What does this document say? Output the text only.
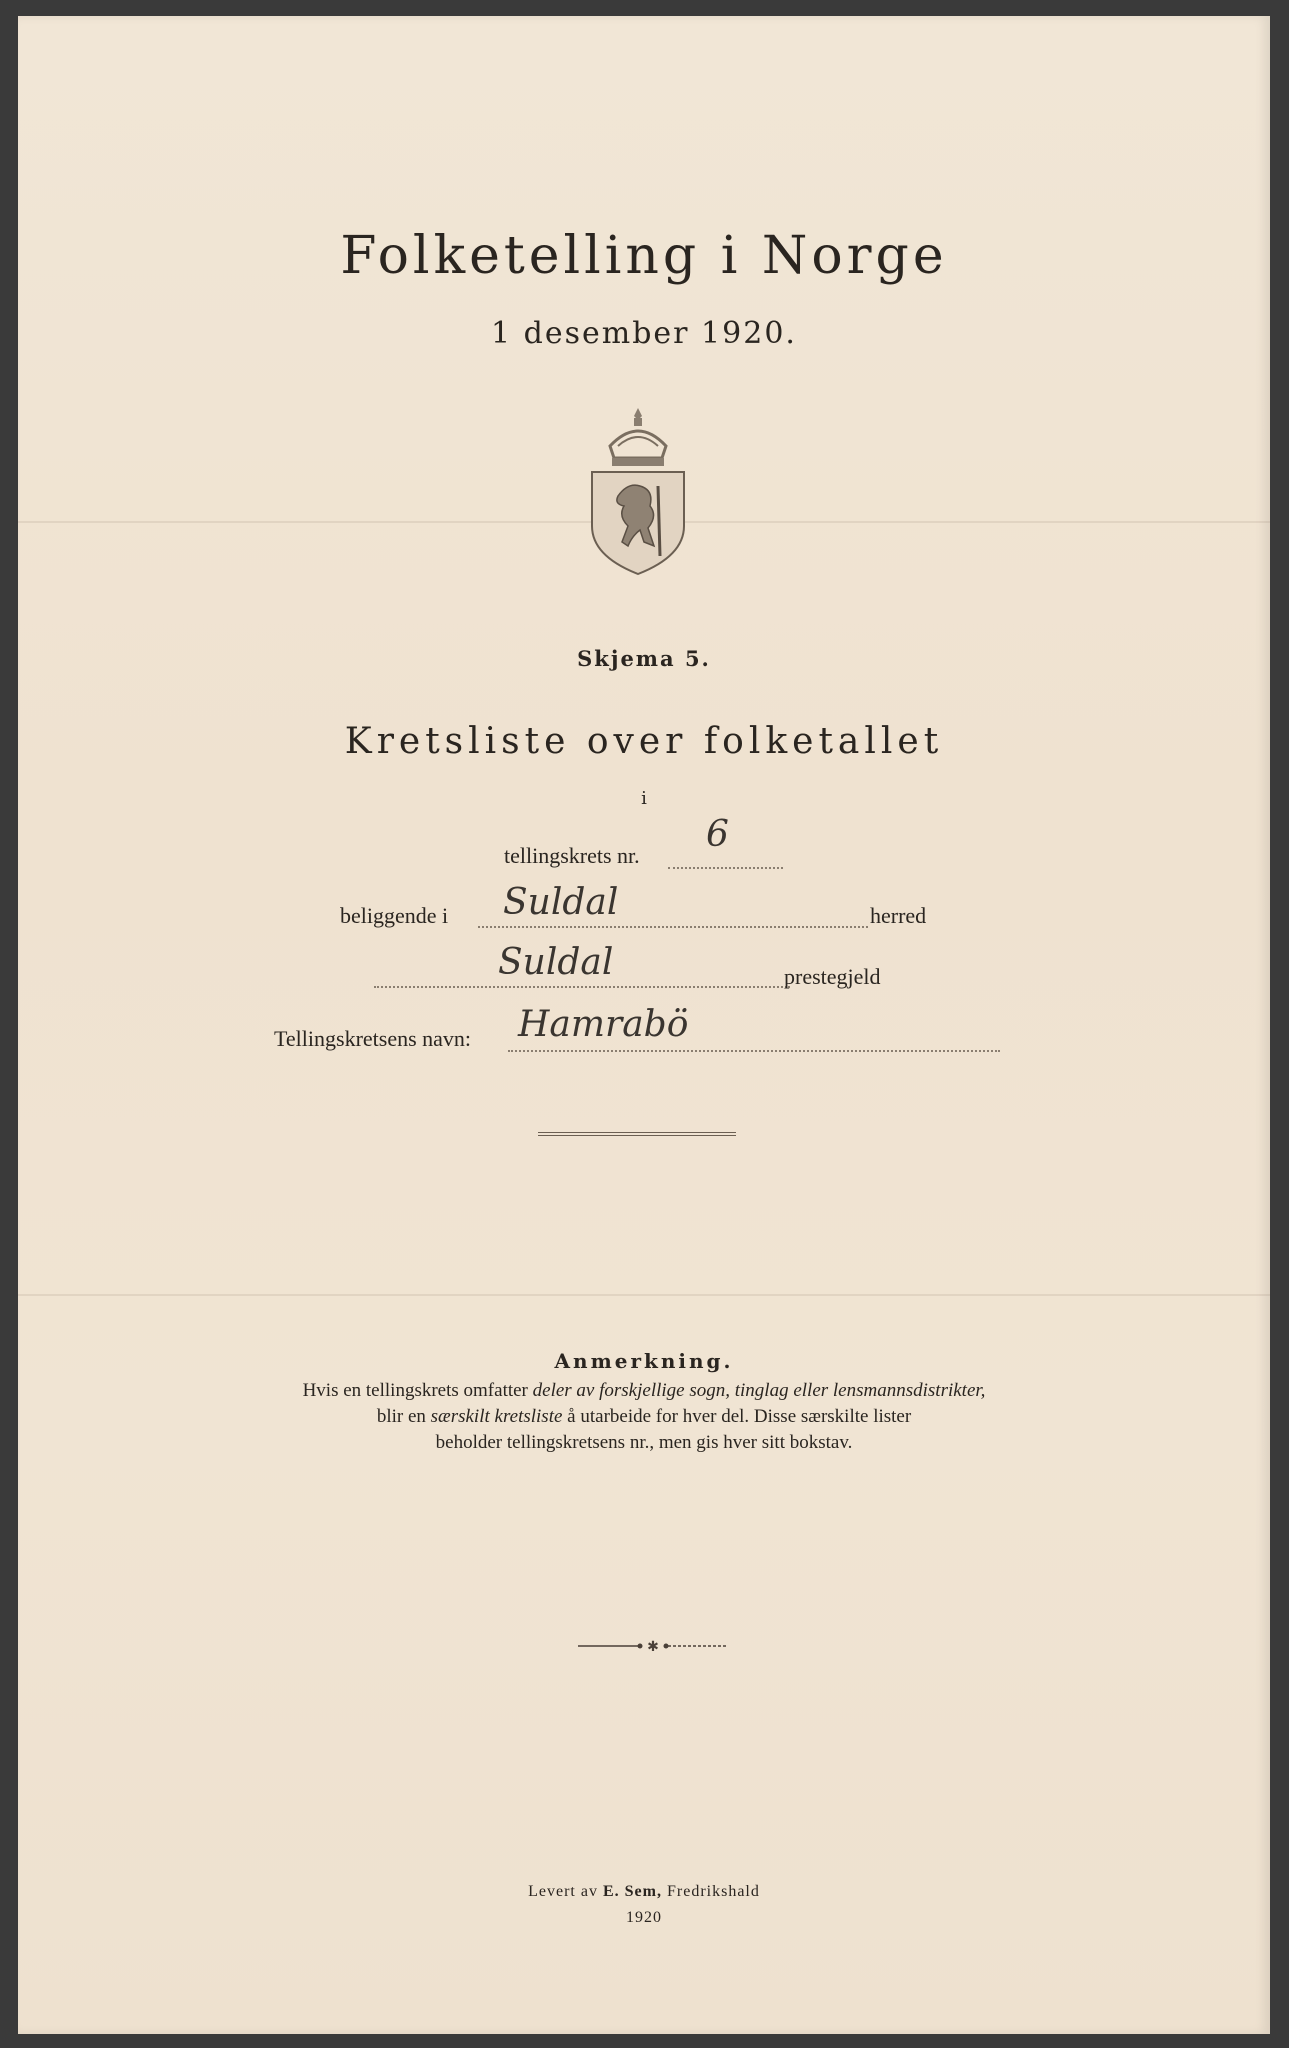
Folketelling i Norge
1 desember 1920.
Skjema 5.
Kretsliste over folketallet
i
tellingskrets nr.
6
beliggende i Suldal	herred
Suldal	prestegjeld
Tellingskretsens navn: Hamrabö
Anmerkning.
Hvis en tellingskrets omfatter deler av forskjellige sogn, tinglag eller lensmannsdistrikter,
blir en særskilt kretsliste å utarbeide for hver del. Disse særskilte lister
beholder tellingskretsens nr., men gis hver sitt bokstav.
✱
Levert av E. Sem, Fredrikshald
1920
